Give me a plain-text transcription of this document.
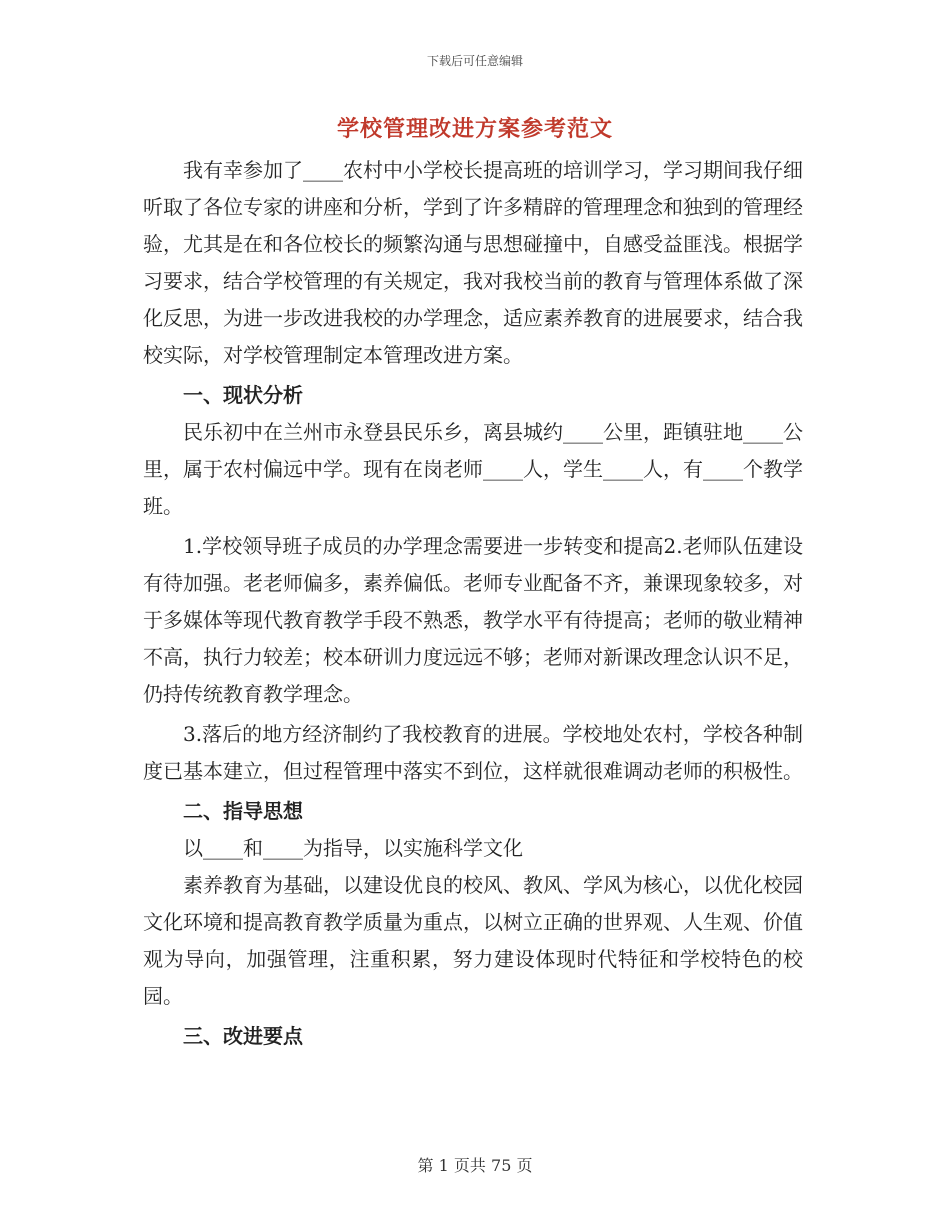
下载后可任意编辑
学校管理改进方案参考范文

我有幸参加了____农村中小学校长提高班的培训学习，学习期间我仔细听取了各位专家的讲座和分析，学到了许多精辟的管理理念和独到的管理经验，尤其是在和各位校长的频繁沟通与思想碰撞中，自感受益匪浅。根据学习要求，结合学校管理的有关规定，我对我校当前的教育与管理体系做了深化反思，为进一步改进我校的办学理念，适应素养教育的进展要求，结合我校实际，对学校管理制定本管理改进方案。

一、现状分析

民乐初中在兰州市永登县民乐乡，离县城约____公里，距镇驻地____公里，属于农村偏远中学。现有在岗老师____人，学生____人，有____个教学班。

1.学校领导班子成员的办学理念需要进一步转变和提高2.老师队伍建设有待加强。老老师偏多，素养偏低。老师专业配备不齐，兼课现象较多，对于多媒体等现代教育教学手段不熟悉，教学水平有待提高；老师的敬业精神不高，执行力较差；校本研训力度远远不够；老师对新课改理念认识不足，仍持传统教育教学理念。

3.落后的地方经济制约了我校教育的进展。学校地处农村，学校各种制度已基本建立，但过程管理中落实不到位，这样就很难调动老师的积极性。

二、指导思想

以____和____为指导，以实施科学文化

素养教育为基础，以建设优良的校风、教风、学风为核心，以优化校园文化环境和提高教育教学质量为重点，以树立正确的世界观、人生观、价值观为导向，加强管理，注重积累，努力建设体现时代特征和学校特色的校园。

三、改进要点

第 1 页共 75 页
